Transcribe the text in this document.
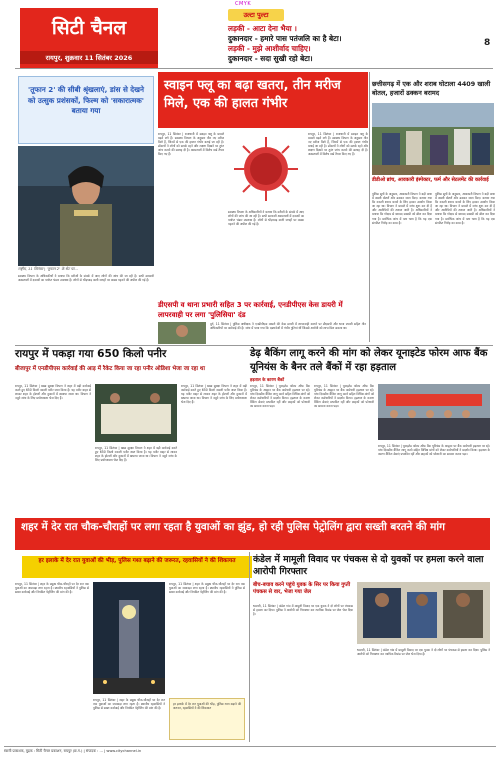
CMYK
सिटी चैनल
रायपुर, शुक्रवार 11 सितंबर 2026
उल्टा पुल्टा
लड़की - आटा देना भैया ।
दुकानदार - हमारे पास पतंजलि का है बेटा।
लड़की - मुझे आशीर्वाद चाहिए।
दुकानदार - सदा सुखी रहो बेटा।
8
'तूफान 2' की सीबी श्रृंखलाएं, डांस से देखने को उत्सुक प्रशंसकों, फिल्म को 'सकारात्मक' बताया गया
राष्ट्रीय, 11 सितंबर | 'तूफान 2' के सेट पर...
स्वास्थ्य विभाग के अधिकारियों ने बताया कि मरीजों के संपर्क में आए लोगों की जांच की जा रही है। सभी सरकारी अस्पतालों में दवाओं का पर्याप्त भंडार उपलब्ध है। लोगों से भीड़भाड़ वाली जगहों पर मास्क पहनने की अपील की गई है।
स्वाइन फ्लू का बढ़ा खतरा, तीन मरीज मिले, एक की हालत गंभीर
रायपुर, 11 सितंबर | राजधानी में स्वाइन फ्लू के मामले बढ़ने लगे हैं। स्वास्थ्य विभाग के अनुसार तीन नए मरीज मिले हैं, जिनमें से एक की हालत गंभीर बताई जा रही है। डॉक्टरों ने लोगों को सतर्क रहने और लक्षण दिखने पर तुरंत जांच कराने की सलाह दी है। अस्पतालों में विशेष वार्ड तैयार किए गए हैं।
स्वास्थ्य विभाग के अधिकारियों ने बताया कि मरीजों के संपर्क में आए लोगों की जांच की जा रही है। सभी सरकारी अस्पतालों में दवाओं का पर्याप्त भंडार उपलब्ध है। लोगों से भीड़भाड़ वाली जगहों पर मास्क पहनने की अपील की गई है।
रायपुर, 11 सितंबर | राजधानी में स्वाइन फ्लू के मामले बढ़ने लगे हैं। स्वास्थ्य विभाग के अनुसार तीन नए मरीज मिले हैं, जिनमें से एक की हालत गंभीर बताई जा रही है। डॉक्टरों ने लोगों को सतर्क रहने और लक्षण दिखने पर तुरंत जांच कराने की सलाह दी है। अस्पतालों में विशेष वार्ड तैयार किए गए हैं।
छत्तीसगढ़ में एक और शराब घोटाला 4409 खाली बोतल, हजारों ढक्कन बरामद
डीडीओ ब्रांच, आवकारी इंस्पेक्टर, फर्म और सेटलमेंट की कार्रवाई
पुलिस सूत्रों के अनुसार, आबकारी विभाग ने बड़ी मात्रा में खाली बोतलें और ढक्कन जब्त किए। बताया गया कि नकली शराब बनाने के लिए इनका उपयोग किया जा रहा था। विभाग ने मामले में जांच शुरू कर दी है और आरोपियों की तलाश जारी है। अधिकारियों ने बताया कि गोदाम से बरामद सामग्री को सील कर दिया गया है। प्रारंभिक जांच में पता चला है कि यह एक संगठित गिरोह का काम है।
पुलिस सूत्रों के अनुसार, आबकारी विभाग ने बड़ी मात्रा में खाली बोतलें और ढक्कन जब्त किए। बताया गया कि नकली शराब बनाने के लिए इनका उपयोग किया जा रहा था। विभाग ने मामले में जांच शुरू कर दी है और आरोपियों की तलाश जारी है। अधिकारियों ने बताया कि गोदाम से बरामद सामग्री को सील कर दिया गया है। प्रारंभिक जांच में पता चला है कि यह एक संगठित गिरोह का काम है।
डीएसपी व थाना प्रभारी सहित 3 पर कार्रवाई, एनडीपीएस केस डायरी में लापरवाही पर लगा 'पुलिसिया' दंड
दुर्ग, 11 सितंबर | पुलिस अधीक्षक ने एनडीपीएस मामले की केस डायरी में लापरवाही बरतने पर डीएसपी और थाना प्रभारी सहित तीन अधिकारियों पर कार्रवाई की है। जांच में पाया गया कि दस्तावेजों में गंभीर त्रुटियां थीं जिससे आरोपी को लाभ मिल सकता था।
रायपुर में पकड़ा गया 650 किलो पनीर
बीजापुर में एनडीपीएस कार्रवाई की आड़ में रैकेट किया जा रहा पनीर ओडिशा भेजा जा रहा था
रायपुर, 11 सितंबर | खाद्य सुरक्षा विभाग ने शहर में बड़ी कार्रवाई करते हुए 650 किलो नकली पनीर जब्त किया है। यह पनीर बाहर से लाकर शहर के होटलों और दुकानों में खपाया जाना था। विभाग ने नमूने जांच के लिए प्रयोगशाला भेज दिए हैं।
रायपुर, 11 सितंबर | खाद्य सुरक्षा विभाग ने शहर में बड़ी कार्रवाई करते हुए 650 किलो नकली पनीर जब्त किया है। यह पनीर बाहर से लाकर शहर के होटलों और दुकानों में खपाया जाना था। विभाग ने नमूने जांच के लिए प्रयोगशाला भेज दिए हैं।
रायपुर, 11 सितंबर | खाद्य सुरक्षा विभाग ने शहर में बड़ी कार्रवाई करते हुए 650 किलो नकली पनीर जब्त किया है। यह पनीर बाहर से लाकर शहर के होटलों और दुकानों में खपाया जाना था। विभाग ने नमूने जांच के लिए प्रयोगशाला भेज दिए हैं।
डेढ़ बैकिंग लागू करने की मांग को लेकर यूनाइटेड फोरम आफ बैंक यूनियंस के बैनर तले बैंकों में रहा हड़ताल
हड़ताल के कारण बैंकों
रायपुर, 11 सितंबर | यूनाइटेड फोरम ऑफ बैंक यूनियंस के आह्वान पर बैंक कर्मचारी हड़ताल पर रहे। पांच दिवसीय बैंकिंग लागू करने सहित विभिन्न मांगों को लेकर कर्मचारियों ने प्रदर्शन किया। हड़ताल के कारण बैंकिंग सेवाएं प्रभावित रहीं और ग्राहकों को परेशानी का सामना करना पड़ा।
रायपुर, 11 सितंबर | यूनाइटेड फोरम ऑफ बैंक यूनियंस के आह्वान पर बैंक कर्मचारी हड़ताल पर रहे। पांच दिवसीय बैंकिंग लागू करने सहित विभिन्न मांगों को लेकर कर्मचारियों ने प्रदर्शन किया। हड़ताल के कारण बैंकिंग सेवाएं प्रभावित रहीं और ग्राहकों को परेशानी का सामना करना पड़ा।
रायपुर, 11 सितंबर | यूनाइटेड फोरम ऑफ बैंक यूनियंस के आह्वान पर बैंक कर्मचारी हड़ताल पर रहे। पांच दिवसीय बैंकिंग लागू करने सहित विभिन्न मांगों को लेकर कर्मचारियों ने प्रदर्शन किया। हड़ताल के कारण बैंकिंग सेवाएं प्रभावित रहीं और ग्राहकों को परेशानी का सामना करना पड़ा।
शहर में देर रात चौक-चौराहों पर लगा रहता है युवाओं का झुंड, हो रही पुलिस पेट्रोलिंग द्वारा सख्ती बरतने की मांग
हर इलाके में देर रात युवाओं की भीड़, पुलिस गश्त बढ़ाने की जरूरत, रहवासियों ने की शिकायत
रायपुर, 11 सितंबर | शहर के प्रमुख चौक-चौराहों पर देर रात तक युवाओं का जमावड़ा लगा रहता है। स्थानीय रहवासियों ने पुलिस से सख्त कार्रवाई और नियमित पेट्रोलिंग की मांग की है।
रायपुर, 11 सितंबर | शहर के प्रमुख चौक-चौराहों पर देर रात तक युवाओं का जमावड़ा लगा रहता है। स्थानीय रहवासियों ने पुलिस से सख्त कार्रवाई और नियमित पेट्रोलिंग की मांग की है।
हर इलाके में देर रात युवाओं की भीड़, पुलिस गश्त बढ़ाने की जरूरत, रहवासियों ने की शिकायत
रायपुर, 11 सितंबर | शहर के प्रमुख चौक-चौराहों पर देर रात तक युवाओं का जमावड़ा लगा रहता है। स्थानीय रहवासियों ने पुलिस से सख्त कार्रवाई और नियमित पेट्रोलिंग की मांग की है।
कंडेल में मामूली विवाद पर पंचकस से दो युवकों पर हमला करने वाला आरोपी गिरफ्तार
बीच-बचाव करने पहुंचे युवक के सिर पर किया गुप्ती पंचकस से वार, भेजा गया जेल
धमतरी, 11 सितंबर | कंडेल गांव में मामूली विवाद पर एक युवक ने दो लोगों पर पंचकस से हमला कर दिया। पुलिस ने आरोपी को गिरफ्तार कर न्यायिक रिमांड पर जेल भेज दिया है।
धमतरी, 11 सितंबर | कंडेल गांव में मामूली विवाद पर एक युवक ने दो लोगों पर पंचकस से हमला कर दिया। पुलिस ने आरोपी को गिरफ्तार कर न्यायिक रिमांड पर जेल भेज दिया है।
स्वामी प्रकाशक, मुद्रक : सिटी चैनल प्रकाशन, रायपुर (छ.ग.) | संपादक : ... | www.citychannel.in
